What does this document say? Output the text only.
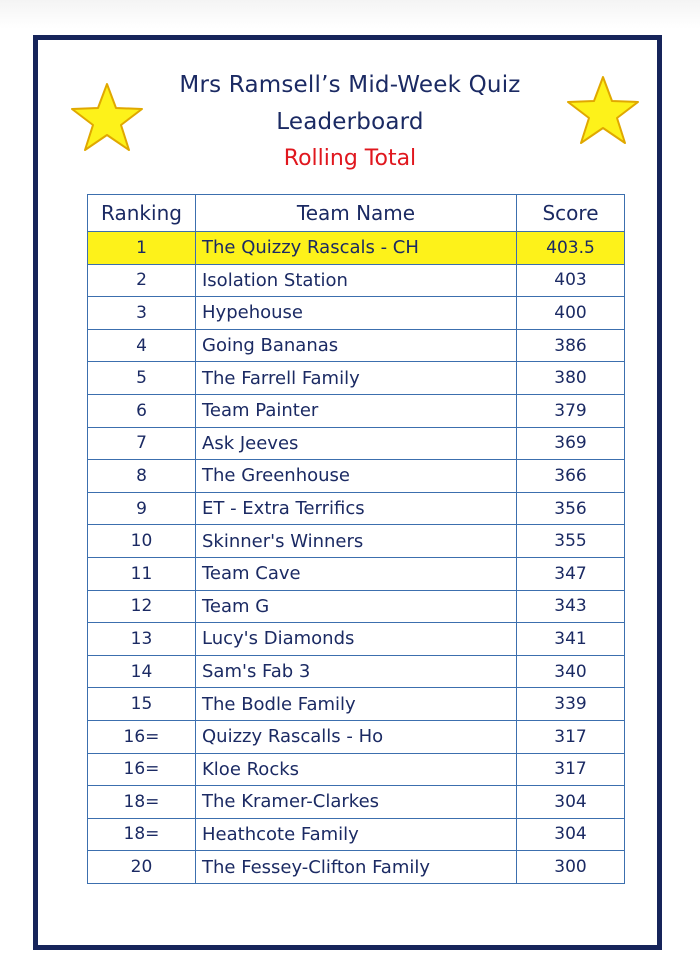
Mrs Ramsell’s Mid-Week Quiz
Leaderboard
Rolling Total
Ranking	Team Name	Score
1	The Quizzy Rascals - CH	403.5
2	Isolation Station	403
3	Hypehouse	400
4	Going Bananas	386
5	The Farrell Family	380
6	Team Painter	379
7	Ask Jeeves	369
8	The Greenhouse	366
9	ET - Extra Terrifics	356
10	Skinner's Winners	355
11	Team Cave	347
12	Team G	343
13	Lucy's Diamonds	341
14	Sam's Fab 3	340
15	The Bodle Family	339
16=	Quizzy Rascalls - Ho	317
16=	Kloe Rocks	317
18=	The Kramer-Clarkes	304
18=	Heathcote Family	304
20	The Fessey-Clifton Family	300
